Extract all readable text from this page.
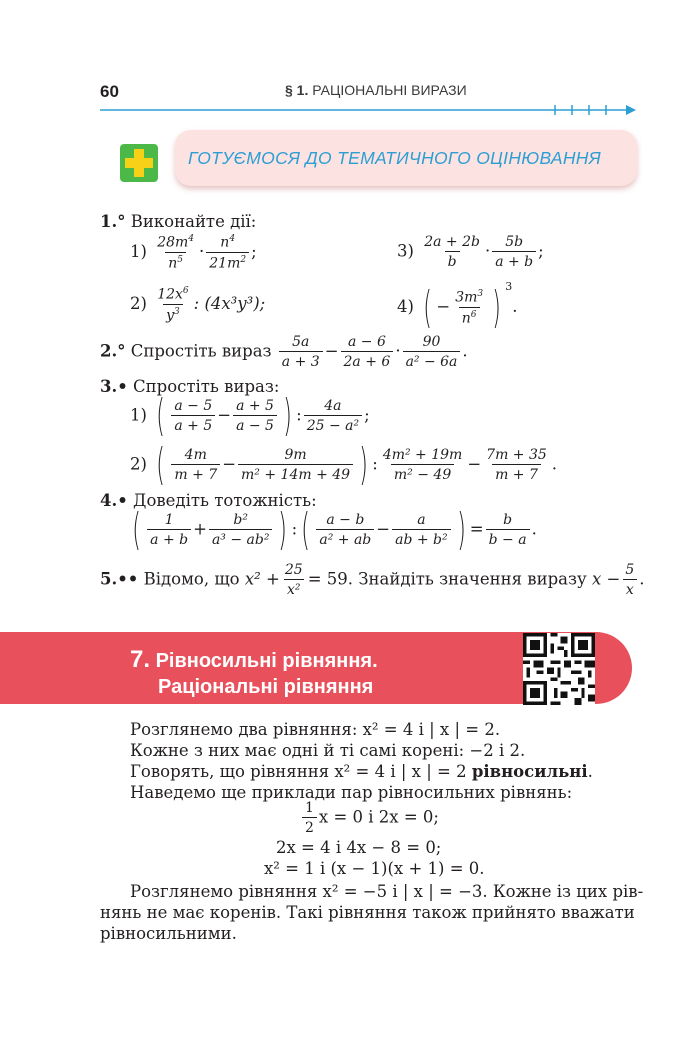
60	§ 1. РАЦІОНАЛЬНІ ВИРАЗИ
ГОТУЄМОСЯ ДО ТЕМАТИЧНОГО ОЦІНЮВАННЯ
1.° Виконайте дії:
$1) \frac{28m^4}{n^5} \cdot \frac{n^4}{21m^2}$ ;	$3) \frac{2a + 2b}{b} \cdot \frac{5b}{a + b}$ ;
$2) \frac{12x^6}{y^3}$ : (4x³y³);	4) ( − $\frac{3m^3}{n^6}$ ) $^3$.
2.° Спростіть вираз $\frac{5a}{a + 3} - \frac{a - 6}{2a + 6} \cdot \frac{90}{\text{a² − 6a}}$ .
3.• Спростіть вираз:
1) ( $\frac{a - 5}{a + 5} - \frac{a + 5}{a - 5}$ ) : $\frac{4a}{\text{25 − a²}}$ ;
2) ( $\frac{4m}{m + 7} - \frac{9m}{\text{m² + 14m + 49}}$ ) : $\frac{\text{4m² + 19m}}{\text{m² − 49}} - \frac{7m + 35}{m + 7}$ .
4.• Доведіть тотожність:
( $\frac{1}{a + b} + \frac{\text{b²}}{\text{a³ − ab²}}$ ) :( $\frac{a - b}{\text{a² + ab}} - \frac{a}{\text{ab + b²}}$ ) = $\frac{b}{b - a}$ .
5.•• Відомо, що $x^2 + \frac{25}{\text{x²}} = 59$. Знайдіть значення виразу $x - \frac{5}{x}$ .
7. Рівносильні рівняння.
Раціональні рівняння
Розглянемо два рівняння: x² = 4 і | x | = 2.
Кожне з них має одні й ті самі корені: −2 і 2.
Говорять, що рівняння x² = 4 і | x | = 2 рівносильні.
Наведемо ще приклади пар рівносильних рівнянь:
$\frac{1}{2}$ x = 0 і 2x = 0;
2x = 4 і 4x − 8 = 0;
x² = 1 і (x − 1)(x + 1) = 0.
Розглянемо рівняння x² = −5 і | x | = −3. Кожне із цих рів-
нянь не має коренів. Такі рівняння також прийнято вважати
рівносильними.
